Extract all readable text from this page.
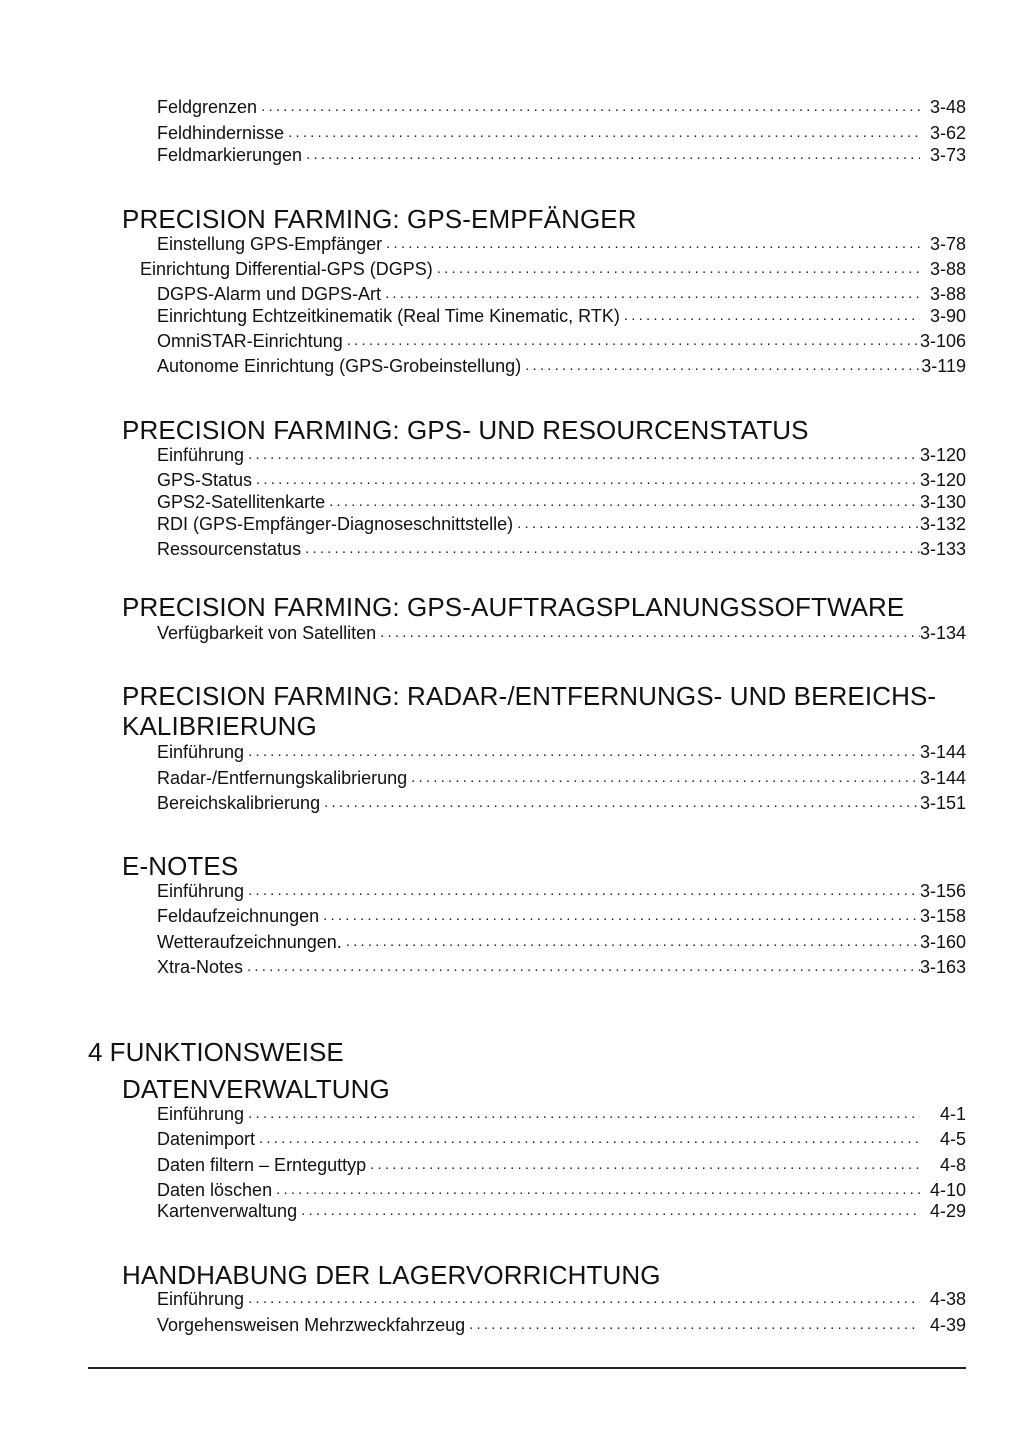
Feldgrenzen .....	3-48
Feldhindernisse .....	3-62
Feldmarkierungen .....	3-73
PRECISION FARMING: GPS-EMPFÄNGER
Einstellung GPS-Empfänger .....	3-78
Einrichtung Differential-GPS (DGPS) .....	3-88
DGPS-Alarm und DGPS-Art .....	3-88
Einrichtung Echtzeitkinematik (Real Time Kinematic, RTK) .....	3-90
OmniSTAR-Einrichtung .....	3-106
Autonome Einrichtung (GPS-Grobeinstellung) .....	3-119
PRECISION FARMING: GPS- UND RESOURCENSTATUS
Einführung .....	3-120
GPS-Status .....	3-120
GPS2-Satellitenkarte .....	3-130
RDI (GPS-Empfänger-Diagnoseschnittstelle) .....	3-132
Ressourcenstatus .....	3-133
PRECISION FARMING: GPS-AUFTRAGSPLANUNGSSOFTWARE
Verfügbarkeit von Satelliten .....	3-134
PRECISION FARMING: RADAR-/ENTFERNUNGS- UND BEREICHS-
KALIBRIERUNG
Einführung .....	3-144
Radar-/Entfernungskalibrierung .....	3-144
Bereichskalibrierung .....	3-151
E-NOTES
Einführung .....	3-156
Feldaufzeichnungen .....	3-158
Wetteraufzeichnungen. .....	3-160
Xtra-Notes .....	3-163
4 FUNKTIONSWEISE
DATENVERWALTUNG
Einführung .....	4-1
Datenimport .....	4-5
Daten filtern – Ernteguttyp .....	4-8
Daten löschen .....	4-10
Kartenverwaltung .....	4-29
HANDHABUNG DER LAGERVORRICHTUNG
Einführung .....	4-38
Vorgehensweisen Mehrzweckfahrzeug .....	4-39
